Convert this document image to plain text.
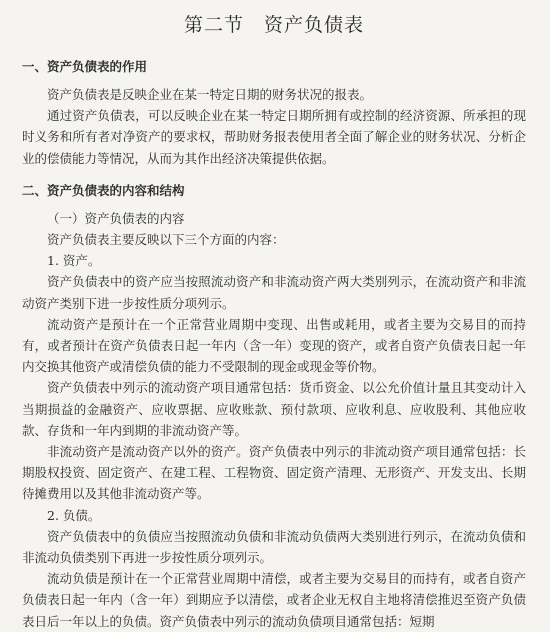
第二节　资产负债表
一、资产负债表的作用

资产负债表是反映企业在某一特定日期的财务状况的报表。

通过资产负债表，可以反映企业在某一特定日期所拥有或控制的经济资源、所承担的现时义务和所有者对净资产的要求权，帮助财务报表使用者全面了解企业的财务状况、分析企业的偿债能力等情况，从而为其作出经济决策提供依据。

二、资产负债表的内容和结构

（一）资产负债表的内容

资产负债表主要反映以下三个方面的内容：

1. 资产。

资产负债表中的资产应当按照流动资产和非流动资产两大类别列示，在流动资产和非流动资产类别下进一步按性质分项列示。

流动资产是预计在一个正常营业周期中变现、出售或耗用，或者主要为交易目的而持有，或者预计在资产负债表日起一年内（含一年）变现的资产，或者自资产负债表日起一年内交换其他资产或清偿负债的能力不受限制的现金或现金等价物。

资产负债表中列示的流动资产项目通常包括：货币资金、以公允价值计量且其变动计入当期损益的金融资产、应收票据、应收账款、预付款项、应收利息、应收股利、其他应收款、存货和一年内到期的非流动资产等。

非流动资产是流动资产以外的资产。资产负债表中列示的非流动资产项目通常包括：长期股权投资、固定资产、在建工程、工程物资、固定资产清理、无形资产、开发支出、长期待摊费用以及其他非流动资产等。

2. 负债。

资产负债表中的负债应当按照流动负债和非流动负债两大类别进行列示，在流动负债和非流动负债类别下再进一步按性质分项列示。

流动负债是预计在一个正常营业周期中清偿，或者主要为交易目的而持有，或者自资产负债表日起一年内（含一年）到期应予以清偿，或者企业无权自主地将清偿推迟至资产负债表日后一年以上的负债。资产负债表中列示的流动负债项目通常包括：短期
